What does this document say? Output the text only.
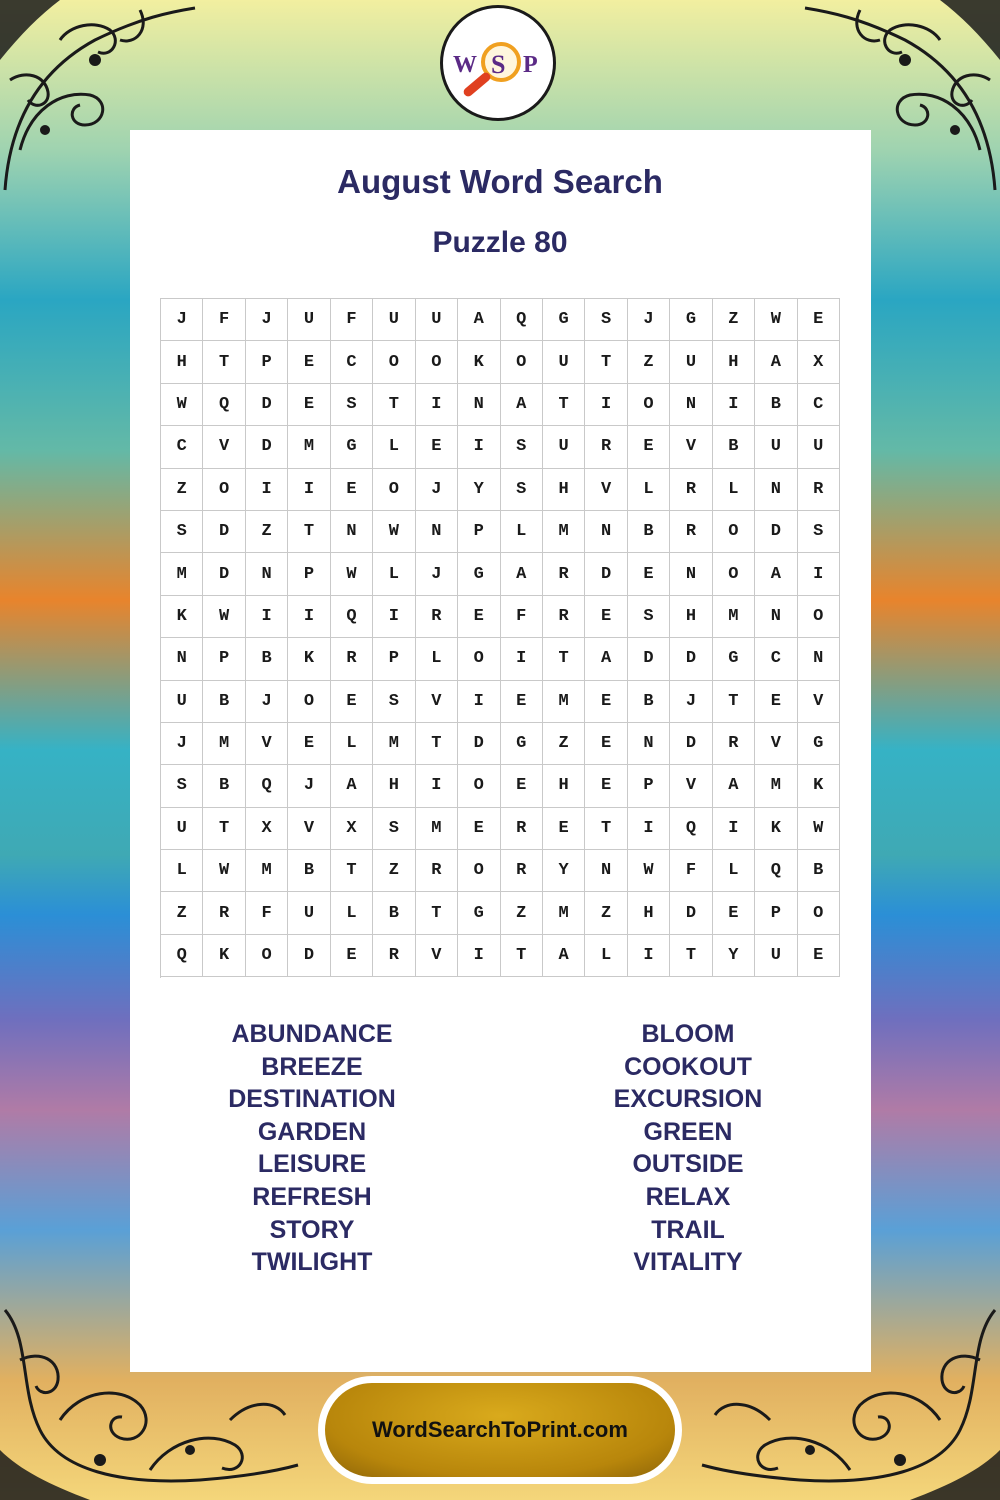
W S P
August Word Search
Puzzle 80
J	F	J	U	F	U	U	A	Q	G	S	J	G	Z	W	E
H	T	P	E	C	O	O	K	O	U	T	Z	U	H	A	X
W	Q	D	E	S	T	I	N	A	T	I	O	N	I	B	C
C	V	D	M	G	L	E	I	S	U	R	E	V	B	U	U
Z	O	I	I	E	O	J	Y	S	H	V	L	R	L	N	R
S	D	Z	T	N	W	N	P	L	M	N	B	R	O	D	S
M	D	N	P	W	L	J	G	A	R	D	E	N	O	A	I
K	W	I	I	Q	I	R	E	F	R	E	S	H	M	N	O
N	P	B	K	R	P	L	O	I	T	A	D	D	G	C	N
U	B	J	O	E	S	V	I	E	M	E	B	J	T	E	V
J	M	V	E	L	M	T	D	G	Z	E	N	D	R	V	G
S	B	Q	J	A	H	I	O	E	H	E	P	V	A	M	K
U	T	X	V	X	S	M	E	R	E	T	I	Q	I	K	W
L	W	M	B	T	Z	R	O	R	Y	N	W	F	L	Q	B
Z	R	F	U	L	B	T	G	Z	M	Z	H	D	E	P	O
Q	K	O	D	E	R	V	I	T	A	L	I	T	Y	U	E
ABUNDANCE
BREEZE
DESTINATION
GARDEN
LEISURE
REFRESH
STORY
TWILIGHT
BLOOM
COOKOUT
EXCURSION
GREEN
OUTSIDE
RELAX
TRAIL
VITALITY
WordSearchToPrint.com
